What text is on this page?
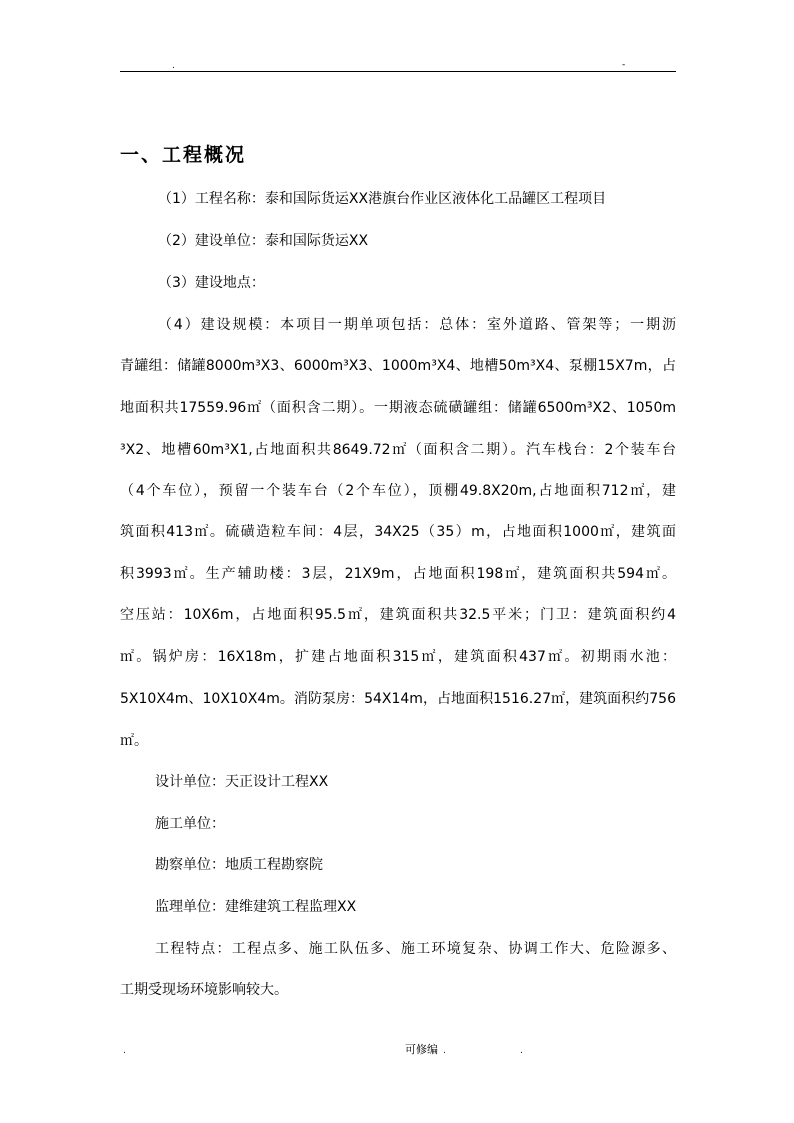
.	-
一、工程概况
（1）工程名称：泰和国际货运XX港旗台作业区液体化工品罐区工程项目
（2）建设单位：泰和国际货运XX
（3）建设地点：
（4）建设规模：本项目一期单项包括：总体：室外道路、管架等；一期沥
青罐组：储罐8000m³X3、6000m³X3、1000m³X4、地槽50m³X4、泵棚15X7m，占
地面积共17559.96㎡（面积含二期）。一期液态硫磺罐组：储罐6500m³X2、1050m
³X2、地槽60m³X1,占地面积共8649.72㎡（面积含二期）。汽车栈台：2个装车台
（4个车位），预留一个装车台（2个车位），顶棚49.8X20m,占地面积712㎡，建
筑面积413㎡。硫磺造粒车间：4层，34X25（35）m，占地面积1000㎡，建筑面
积3993㎡。生产辅助楼：3层，21X9m，占地面积198㎡，建筑面积共594㎡。
空压站：10X6m，占地面积95.5㎡，建筑面积共32.5平米；门卫：建筑面积约4
㎡。锅炉房：16X18m，扩建占地面积315㎡，建筑面积437㎡。初期雨水池：
5X10X4m、10X10X4m。消防泵房：54X14m，占地面积1516.27㎡，建筑面积约756
㎡。
设计单位：天正设计工程XX
施工单位：
勘察单位：地质工程勘察院
监理单位：建维建筑工程监理XX
工程特点：工程点多、施工队伍多、施工环境复杂、协调工作大、危险源多、
工期受现场环境影响较大。
.	可修编 .	.
